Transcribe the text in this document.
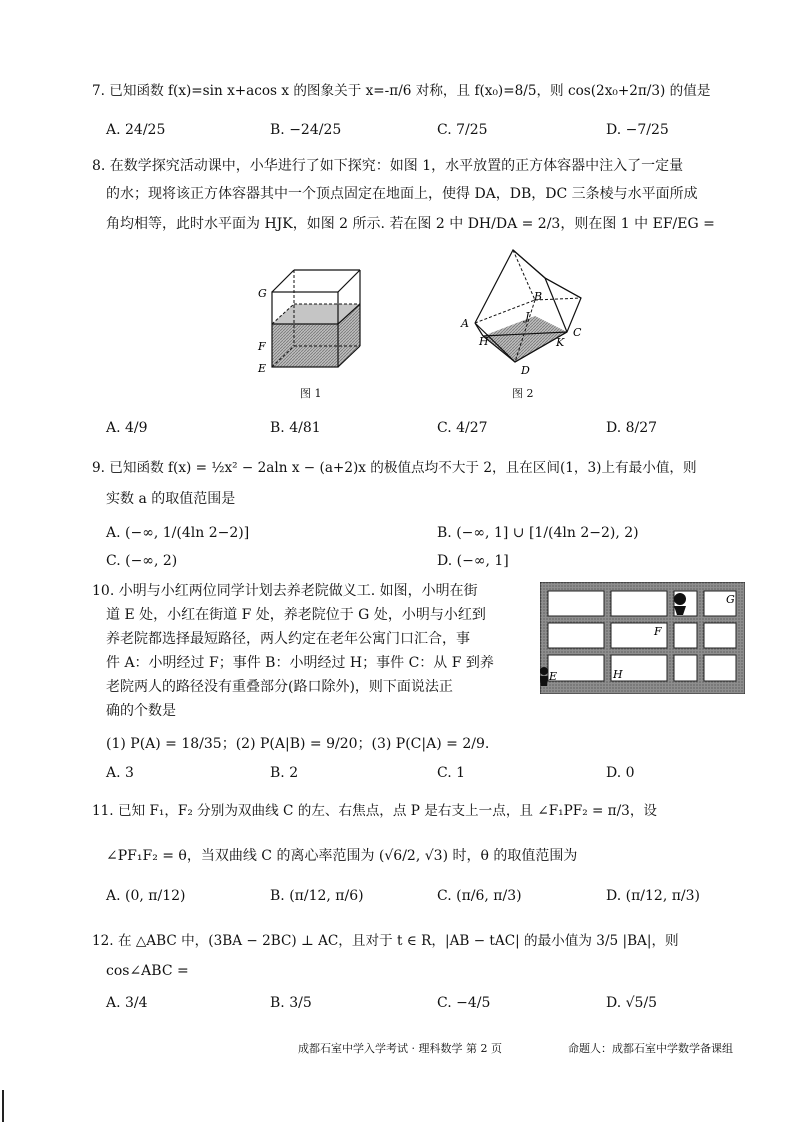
7. 已知函数 f(x)=sin x+acos x 的图象关于 x=-π/6 对称，且 f(x₀)=8/5，则 cos(2x₀+2π/3) 的值是
A. 24/25	B. −24/25	C. 7/25	D. −7/25
8. 在数学探究活动课中，小华进行了如下探究：如图 1，水平放置的正方体容器中注入了一定量
的水；现将该正方体容器其中一个顶点固定在地面上，使得 DA，DB，DC 三条棱与水平面所成
角均相等，此时水平面为 HJK，如图 2 所示. 若在图 2 中 DH/DA = 2/3，则在图 1 中 EF/EG =
G
F
E
图 1
A
B
C
D
H
J
K
图 2
A. 4/9	B. 4/81	C. 4/27	D. 8/27
9. 已知函数 f(x) = ½x² − 2aln x − (a+2)x 的极值点均不大于 2，且在区间(1，3)上有最小值，则
实数 a 的取值范围是
A. (−∞, 1/(4ln 2−2)]	B. (−∞, 1] ∪ [1/(4ln 2−2), 2)
C. (−∞, 2)	D. (−∞, 1]
10. 小明与小红两位同学计划去养老院做义工. 如图，小明在街
道 E 处，小红在街道 F 处，养老院位于 G 处，小明与小红到
养老院都选择最短路径，两人约定在老年公寓门口汇合，事
件 A：小明经过 F；事件 B：小明经过 H；事件 C：从 F 到养
老院两人的路径没有重叠部分(路口除外)，则下面说法正
确的个数是
G
F
E	H
(1) P(A) = 18/35；(2) P(A|B) = 9/20；(3) P(C|A) = 2/9.
A. 3	B. 2	C. 1	D. 0
11. 已知 F₁，F₂ 分别为双曲线 C 的左、右焦点，点 P 是右支上一点，且 ∠F₁PF₂ = π/3，设
∠PF₁F₂ = θ，当双曲线 C 的离心率范围为 (√6/2, √3) 时，θ 的取值范围为
A. (0, π/12)	B. (π/12, π/6)	C. (π/6, π/3)	D. (π/12, π/3)
12. 在 △ABC 中，(3BA − 2BC) ⊥ AC，且对于 t ∈ R，|AB − tAC| 的最小值为 3/5 |BA|，则
cos∠ABC =
A. 3/4	B. 3/5	C. −4/5	D. √5/5
成都石室中学入学考试 · 理科数学 第 2 页	命题人：成都石室中学数学备课组
